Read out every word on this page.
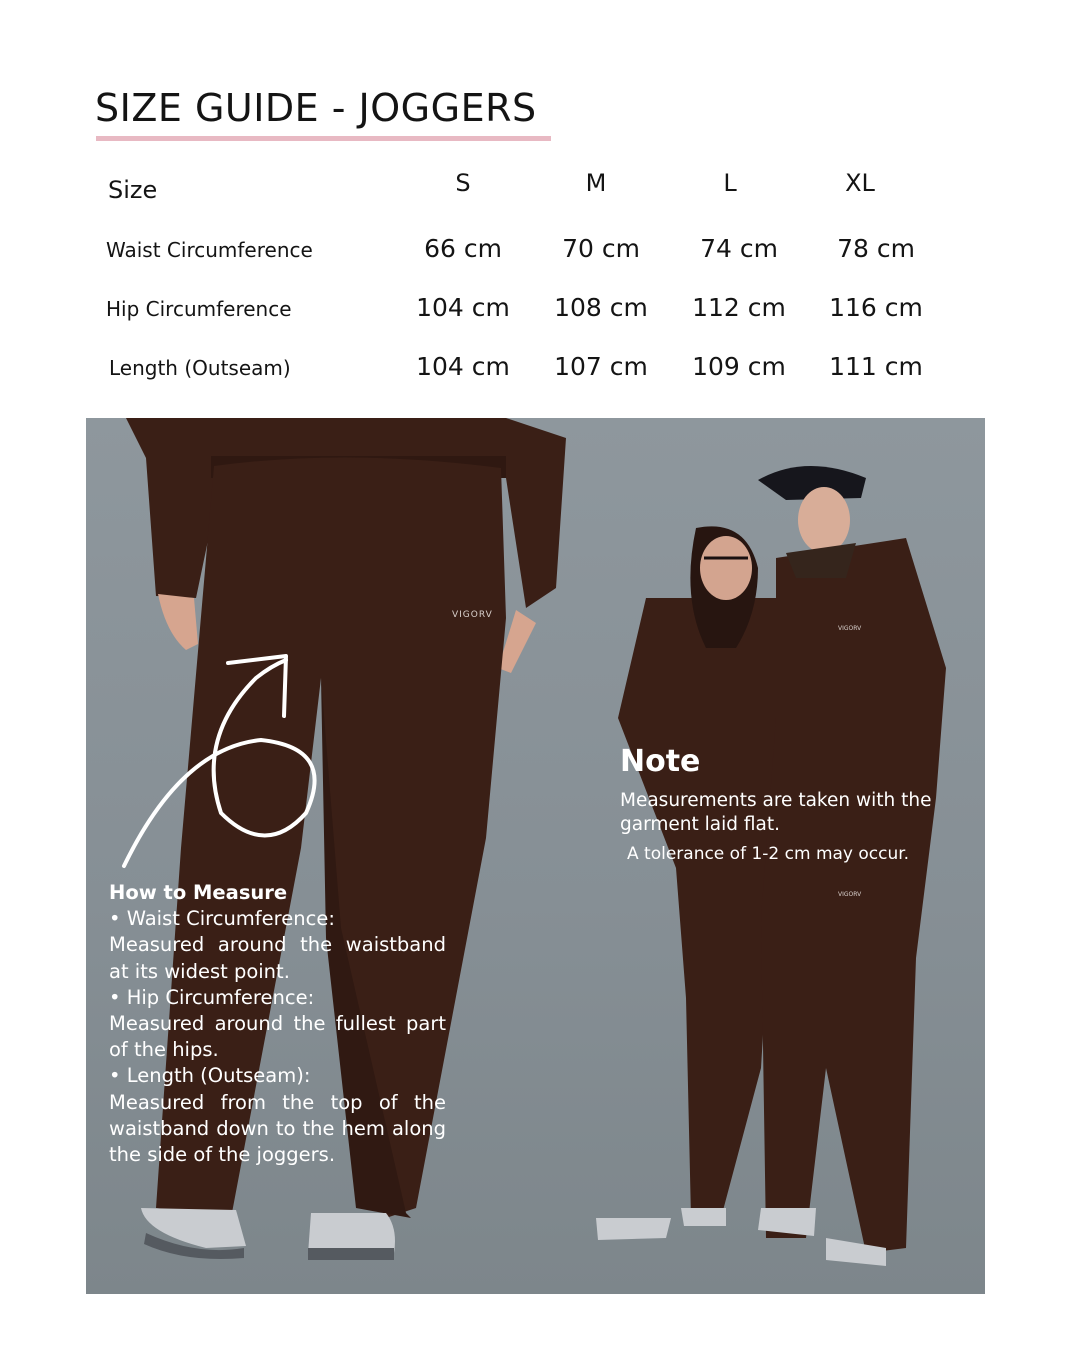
SIZE GUIDE - JOGGERS
Size	S	M	L	XL
Waist Circumference	66 cm	70 cm	74 cm	78 cm
Hip Circumference	104 cm	108 cm	112 cm	116 cm
Length (Outseam)	104 cm	107 cm	109 cm	111 cm
VIGORV
VIGORV
VIGORV
How to Measure
• Waist Circumference:
Measured around the waistband at its widest point.
• Hip Circumference:
Measured around the fullest part of the hips.
• Length (Outseam):
Measured from the top of the waistband down to the hem along the side of the joggers.
Note
Measurements are taken with the garment laid flat.
A tolerance of 1-2 cm may occur.
